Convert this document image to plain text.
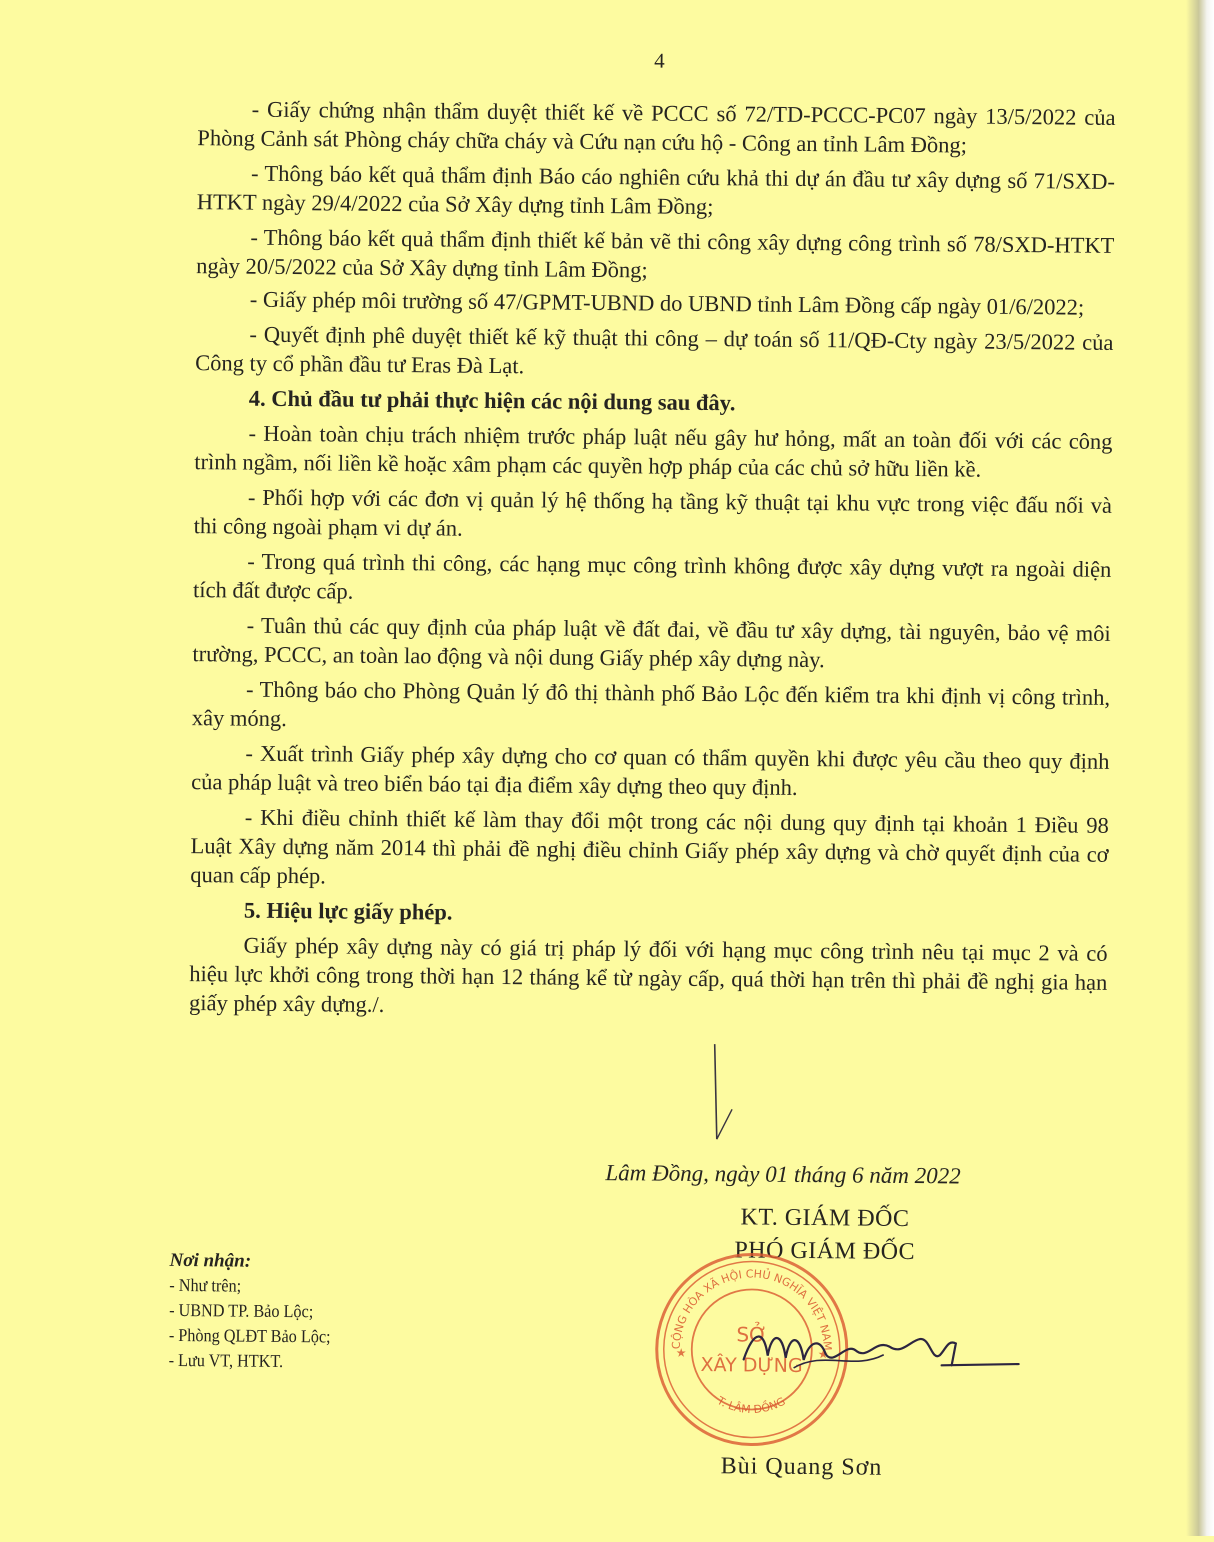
4

- Giấy chứng nhận thẩm duyệt thiết kế về PCCC số 72/TD-PCCC-PC07 ngày 13/5/2022 của Phòng Cảnh sát Phòng cháy chữa cháy và Cứu nạn cứu hộ - Công an tỉnh Lâm Đồng;

- Thông báo kết quả thẩm định Báo cáo nghiên cứu khả thi dự án đầu tư xây dựng số 71/SXD-HTKT ngày 29/4/2022 của Sở Xây dựng tỉnh Lâm Đồng;

- Thông báo kết quả thẩm định thiết kế bản vẽ thi công xây dựng công trình số 78/SXD-HTKT ngày 20/5/2022 của Sở Xây dựng tỉnh Lâm Đồng;

- Giấy phép môi trường số 47/GPMT-UBND do UBND tỉnh Lâm Đồng cấp ngày 01/6/2022;

- Quyết định phê duyệt thiết kế kỹ thuật thi công – dự toán số 11/QĐ-Cty ngày 23/5/2022 của Công ty cổ phần đầu tư Eras Đà Lạt.

4. Chủ đầu tư phải thực hiện các nội dung sau đây.

- Hoàn toàn chịu trách nhiệm trước pháp luật nếu gây hư hỏng, mất an toàn đối với các công trình ngầm, nối liền kề hoặc xâm phạm các quyền hợp pháp của các chủ sở hữu liền kề.

- Phối hợp với các đơn vị quản lý hệ thống hạ tầng kỹ thuật tại khu vực trong việc đấu nối và thi công ngoài phạm vi dự án.

- Trong quá trình thi công, các hạng mục công trình không được xây dựng vượt ra ngoài diện tích đất được cấp.

- Tuân thủ các quy định của pháp luật về đất đai, về đầu tư xây dựng, tài nguyên, bảo vệ môi trường, PCCC, an toàn lao động và nội dung Giấy phép xây dựng này.

- Thông báo cho Phòng Quản lý đô thị thành phố Bảo Lộc đến kiểm tra khi định vị công trình, xây móng.

- Xuất trình Giấy phép xây dựng cho cơ quan có thẩm quyền khi được yêu cầu theo quy định của pháp luật và treo biển báo tại địa điểm xây dựng theo quy định.

- Khi điều chỉnh thiết kế làm thay đổi một trong các nội dung quy định tại khoản 1 Điều 98 Luật Xây dựng năm 2014 thì phải đề nghị điều chỉnh Giấy phép xây dựng và chờ quyết định của cơ quan cấp phép.

5. Hiệu lực giấy phép.

Giấy phép xây dựng này có giá trị pháp lý đối với hạng mục công trình nêu tại mục 2 và có hiệu lực khởi công trong thời hạn 12 tháng kể từ ngày cấp, quá thời hạn trên thì phải đề nghị gia hạn giấy phép xây dựng./.

Lâm Đồng, ngày 01 tháng 6 năm 2022
KT. GIÁM ĐỐC
PHÓ GIÁM ĐỐC
Nơi nhận:
- Như trên;
- UBND TP. Bảo Lộc;
- Phòng QLĐT Bảo Lộc;
- Lưu VT, HTKT.
CỘNG HÒA XÃ HỘI CHỦ NGHĨA VIỆT NAM
T. LÂM ĐỒNG
SỞ
XÂY DỰNG
★	★
Bùi Quang Sơn
